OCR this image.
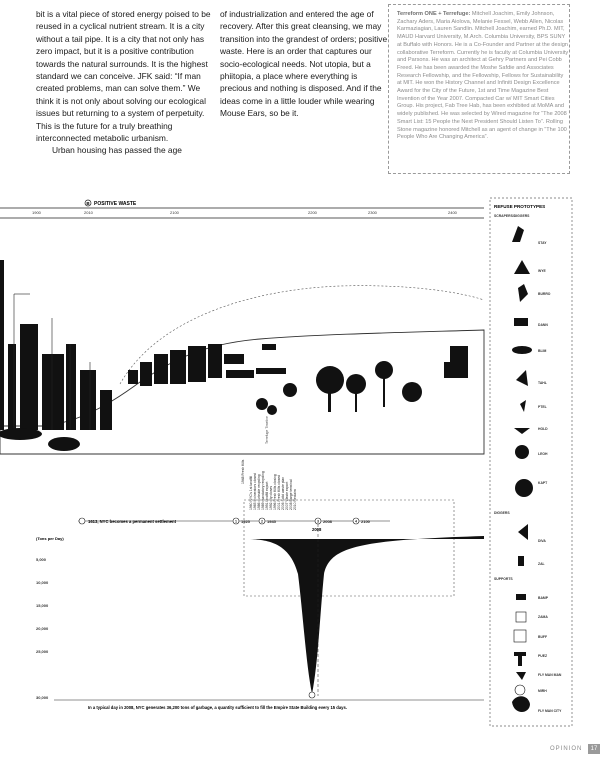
bit is a vital piece of stored energy poised to be reused in a cyclical nutrient stream. It is a city without a tail pipe. It is a city that not only has zero impact, but it is a positive contribution towards the natural surrounds. It is the highest standard we can conceive. JFK said: “If man created problems, man can solve them.” We think it is not only about solving our ecological issues but returning to a system of perpetuity. This is the future for a truly breathing interconnected metabolic urbanism.

Urban housing has passed the age

of industrialization and entered the age of recovery. After this great cleansing, we may transition into the grandest of orders; positive waste. Here is an order that captures our socio-ecological needs. Not utopia, but a phiitopia, a place where everything is precious and nothing is disposed. And if the ideas come in a little louder while wearing Mouse Ears, so be it.

Terreform ONE + Terrefuge: Mitchell Joachim, Emily Johnson, Zachary Aders, Maria Aiolova, Melanie Fessel, Webb Allen, Nicolas Karmaziagian, Lauren Sandlin. Mitchell Joachim, earned Ph.D. MIT, MAUD Harvard University, M.Arch. Columbia University, BPS SUNY at Buffalo with Honors. He is a Co-Founder and Partner at the design collaborative Terreform. Currently he is faculty at Columbia University and Parsons. He was an architect at Gehry Partners and Pei Cobb Freed. He has been awarded the Moshe Safdie and Associates Research Fellowship, and the Fellowship, Fellows for Sustainability at MIT. He won the History Channel and Infiniti Design Excellence Award for the City of the Future, 1st and Time Magazine Best Invention of the Year 2007. Compacted Car w/ MIT Smart Cities Group. His project, Fab Tree Hab, has been exhibited at MoMA and widely published. He was selected by Wired magazine for “The 2008 Smart List: 15 People the Next President Should Listen To”. Rolling Stone magazine honored Mitchell as an agent of change in “The 100 People Who Are Changing America”.
B POSITIVE WASTE
1900	2010	2100	2200	2300	2400
1948 Fresh Kills
1960 NYC's 1st landfill 1965 Incinerators closed 1986 curbside recycling 1989 mandatory recycling 1991 landfill export 1992 city closes 1996 Fresh Kills closing 2001 Fresh Kills closed 2006 Solid waste plan 2007 Waste export 2008 Barge terminal 2010 Reclaim
Terrefuge Timeline
1613, NYC becomes a permanent settlement	1 1925	2 1945	3 2008	4 2100
2008
(Tons per Day)
5,000
10,000
15,000
20,000
25,000
30,000
In a typical day in 2008, NYC generates 36,200 tons of garbage, a quantity sufficient to fill the Empire State Building every 15 days.
REFUSE PROTOTYPES
SCRAPERS/DIGGERS
DIGGERS
SUPPORTS
STAY
WYE
BURRO
DANN
BLIM
TAHL
PTEL
HOLD
LEOH
KAPT
DIVA
ZAL
BAMP
ZAMA
BUFF
PUEZ
FLY MAN MAN
MIRH
FLY MAN CITY
OPINION	17
